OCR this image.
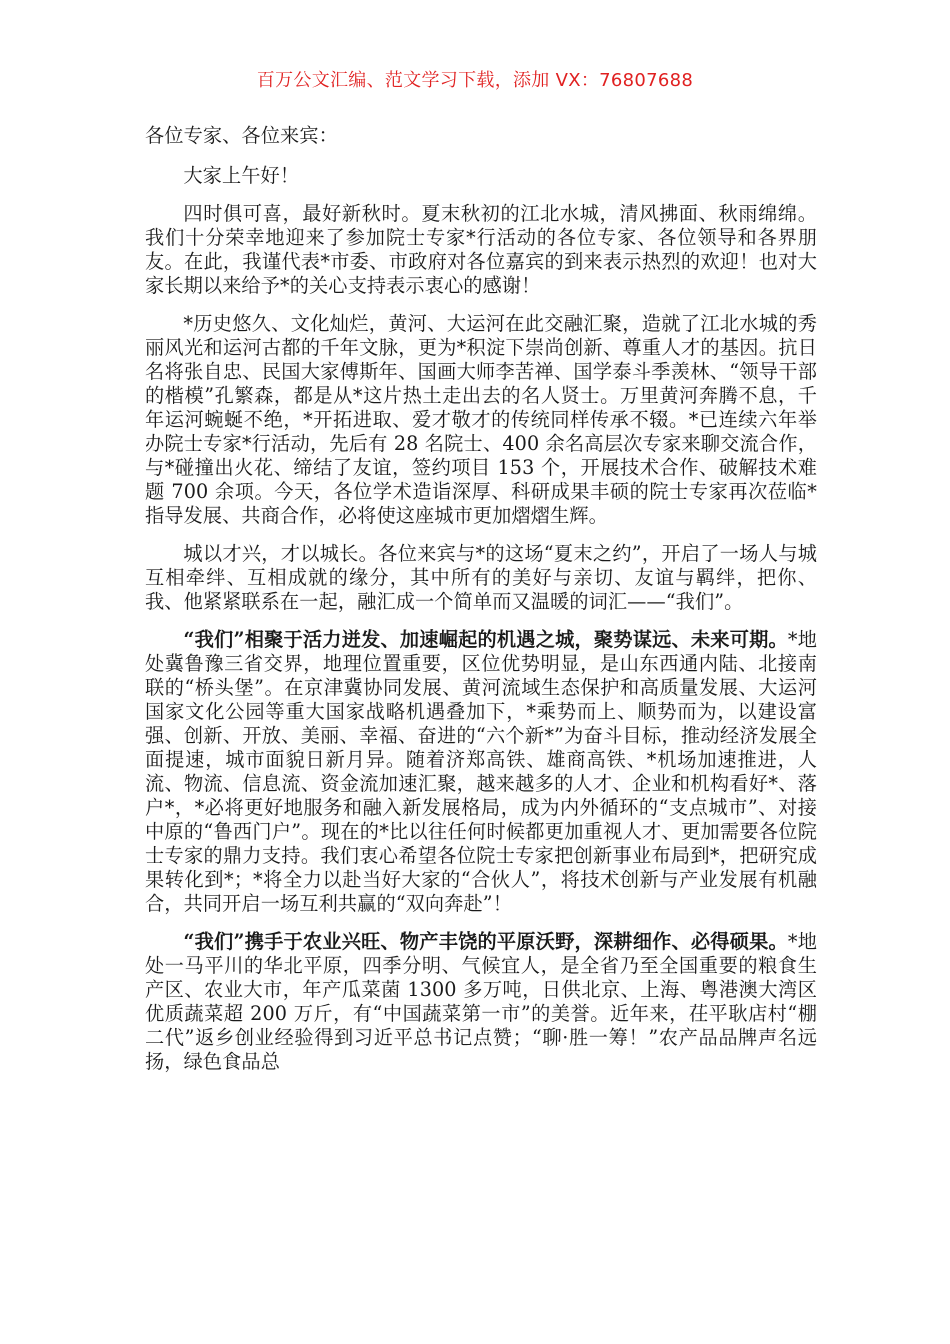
百万公文汇编、范文学习下载，添加 VX：76807688

各位专家、各位来宾：

大家上午好！

四时俱可喜，最好新秋时。夏末秋初的江北水城，清风拂面、秋雨绵绵。我们十分荣幸地迎来了参加院士专家*行活动的各位专家、各位领导和各界朋友。在此，我谨代表*市委、市政府对各位嘉宾的到来表示热烈的欢迎！也对大家长期以来给予*的关心支持表示衷心的感谢！

*历史悠久、文化灿烂，黄河、大运河在此交融汇聚，造就了江北水城的秀丽风光和运河古都的千年文脉，更为*积淀下崇尚创新、尊重人才的基因。抗日名将张自忠、民国大家傅斯年、国画大师李苦禅、国学泰斗季羡林、“领导干部的楷模”孔繁森，都是从*这片热土走出去的名人贤士。万里黄河奔腾不息，千年运河蜿蜒不绝，*开拓进取、爱才敬才的传统同样传承不辍。*已连续六年举办院士专家*行活动，先后有 28 名院士、400 余名高层次专家来聊交流合作，与*碰撞出火花、缔结了友谊，签约项目 153 个，开展技术合作、破解技术难题 700 余项。今天，各位学术造诣深厚、科研成果丰硕的院士专家再次莅临*指导发展、共商合作，必将使这座城市更加熠熠生辉。

城以才兴，才以城长。各位来宾与*的这场“夏末之约”，开启了一场人与城互相牵绊、互相成就的缘分，其中所有的美好与亲切、友谊与羁绊，把你、我、他紧紧联系在一起，融汇成一个简单而又温暖的词汇——“我们”。

“我们”相聚于活力迸发、加速崛起的机遇之城，聚势谋远、未来可期。*地处冀鲁豫三省交界，地理位置重要，区位优势明显，是山东西通内陆、北接南联的“桥头堡”。在京津冀协同发展、黄河流域生态保护和高质量发展、大运河国家文化公园等重大国家战略机遇叠加下，*乘势而上、顺势而为，以建设富强、创新、开放、美丽、幸福、奋进的“六个新*”为奋斗目标，推动经济发展全面提速，城市面貌日新月异。随着济郑高铁、雄商高铁、*机场加速推进，人流、物流、信息流、资金流加速汇聚，越来越多的人才、企业和机构看好*、落户*，*必将更好地服务和融入新发展格局，成为内外循环的“支点城市”、对接中原的“鲁西门户”。现在的*比以往任何时候都更加重视人才、更加需要各位院士专家的鼎力支持。我们衷心希望各位院士专家把创新事业布局到*，把研究成果转化到*；*将全力以赴当好大家的“合伙人”，将技术创新与产业发展有机融合，共同开启一场互利共赢的“双向奔赴”！

“我们”携手于农业兴旺、物产丰饶的平原沃野，深耕细作、必得硕果。*地处一马平川的华北平原，四季分明、气候宜人，是全省乃至全国重要的粮食生产区、农业大市，年产瓜菜菌 1300 多万吨，日供北京、上海、粤港澳大湾区优质蔬菜超 200 万斤，有“中国蔬菜第一市”的美誉。近年来，茌平耿店村“棚二代”返乡创业经验得到习近平总书记点赞；“聊·胜一筹！”农产品品牌声名远扬，绿色食品总
